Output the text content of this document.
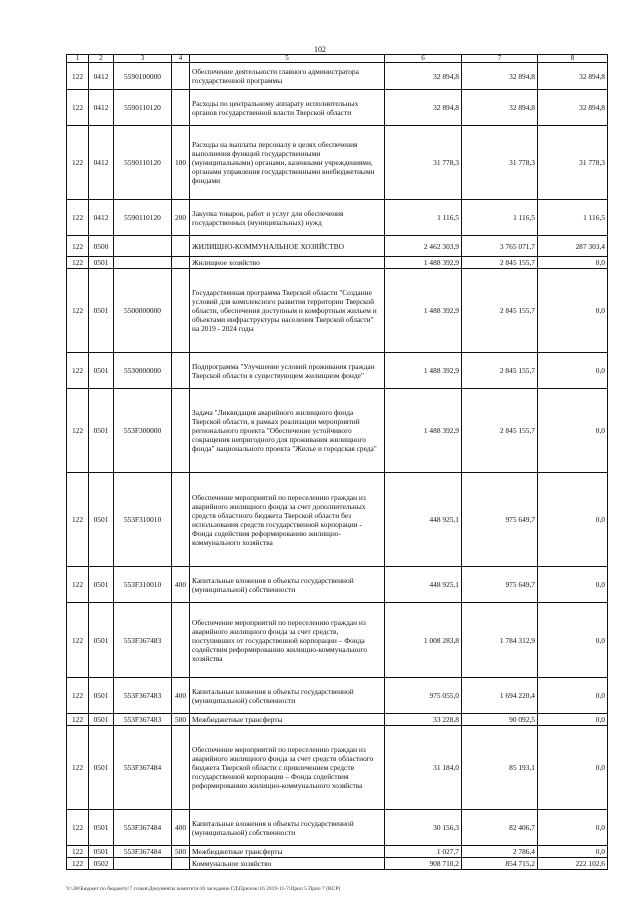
102
1	2	3	4	5	6	7	8
122	0412	5590100000		Обеспечение деятельности главного администратора государственной программы	32 894,8	32 894,8	32 894,8
122	0412	5590110120		Расходы по центральному аппарату исполнительных органов государственной власти Тверской области	32 894,8	32 894,8	32 894,8
122	0412	5590110120	100	Расходы на выплаты персоналу в целях обеспечения выполнения функций государственными (муниципальными) органами, казенными учреждениями, органами управления государственными внебюджетными фондами	31 778,3	31 778,3	31 778,3
122	0412	5590110120	200	Закупка товаров, работ и услуг для обеспечения государственных (муниципальных) нужд	1 116,5	1 116,5	1 116,5
122	0500			ЖИЛИЩНО-КОММУНАЛЬНОЕ ХОЗЯЙСТВО	2 462 303,9	3 765 071,7	287 303,4
122	0501			Жилищное хозяйство	1 488 392,9	2 845 155,7	0,0
122	0501	5500000000		Государственная программа Тверской области "Создание условий для комплексного развития территории Тверской области, обеспечения доступным и комфортным жильем и объектами инфраструктуры населения Тверской области" на 2019 - 2024 годы	1 488 392,9	2 845 155,7	0,0
122	0501	5530000000		Подпрограмма "Улучшение условий проживания граждан Тверской области в существующем жилищном фонде"	1 488 392,9	2 845 155,7	0,0
122	0501	553F300000		Задача "Ликвидация аварийного жилищного фонда Тверской области, в рамках реализации мероприятий регионального проекта "Обеспечение устойчивого сокращения непригодного для проживания жилищного фонда" национального проекта "Жилье и городская среда"	1 488 392,9	2 845 155,7	0,0
122	0501	553F310010		Обеспечение мероприятий по переселению граждан из аварийного жилищного фонда за счет дополнительных средств областного бюджета Тверской области без использования средств государственной корпорации - Фонда содействия реформированию жилищно-коммунального хозяйства	448 925,1	975 649,7	0,0
122	0501	553F310010	400	Капитальные вложения в объекты государственной (муниципальной) собственности	448 925,1	975 649,7	0,0
122	0501	553F367483		Обеспечение мероприятий по переселению граждан из аварийного жилищного фонда за счет средств, поступивших от государственной корпорации – Фонда содействия реформированию жилищно-коммунального хозяйства	1 008 283,8	1 784 312,9	0,0
122	0501	553F367483	400	Капитальные вложения в объекты государственной (муниципальной) собственности	975 055,0	1 694 220,4	0,0
122	0501	553F367483	500	Межбюджетные трансферты	33 228,8	90 092,5	0,0
122	0501	553F367484		Обеспечение мероприятий по переселению граждан из аварийного жилищного фонда за счет средств областного бюджета Тверской области с привлечением средств государственной корпорации – Фонда содействия реформированию жилищно-коммунального хозяйства	31 184,0	85 193,1	0,0
122	0501	553F367484	400	Капитальные вложения в объекты государственной (муниципальной) собственности	30 156,3	82 406,7	0,0
122	0501	553F367484	500	Межбюджетные трансферты	1 027,7	2 786,4	0,0
122	0502			Коммунальное хозяйство	908 710,2	854 715,2	222 102,6
Y:\Э8\Бюджет по бюджету\7 созыв\Документы комитета\16 заседание ГД\Прилож\16 2019-11-7\Прил 5 Прил 7 (ВСР)
